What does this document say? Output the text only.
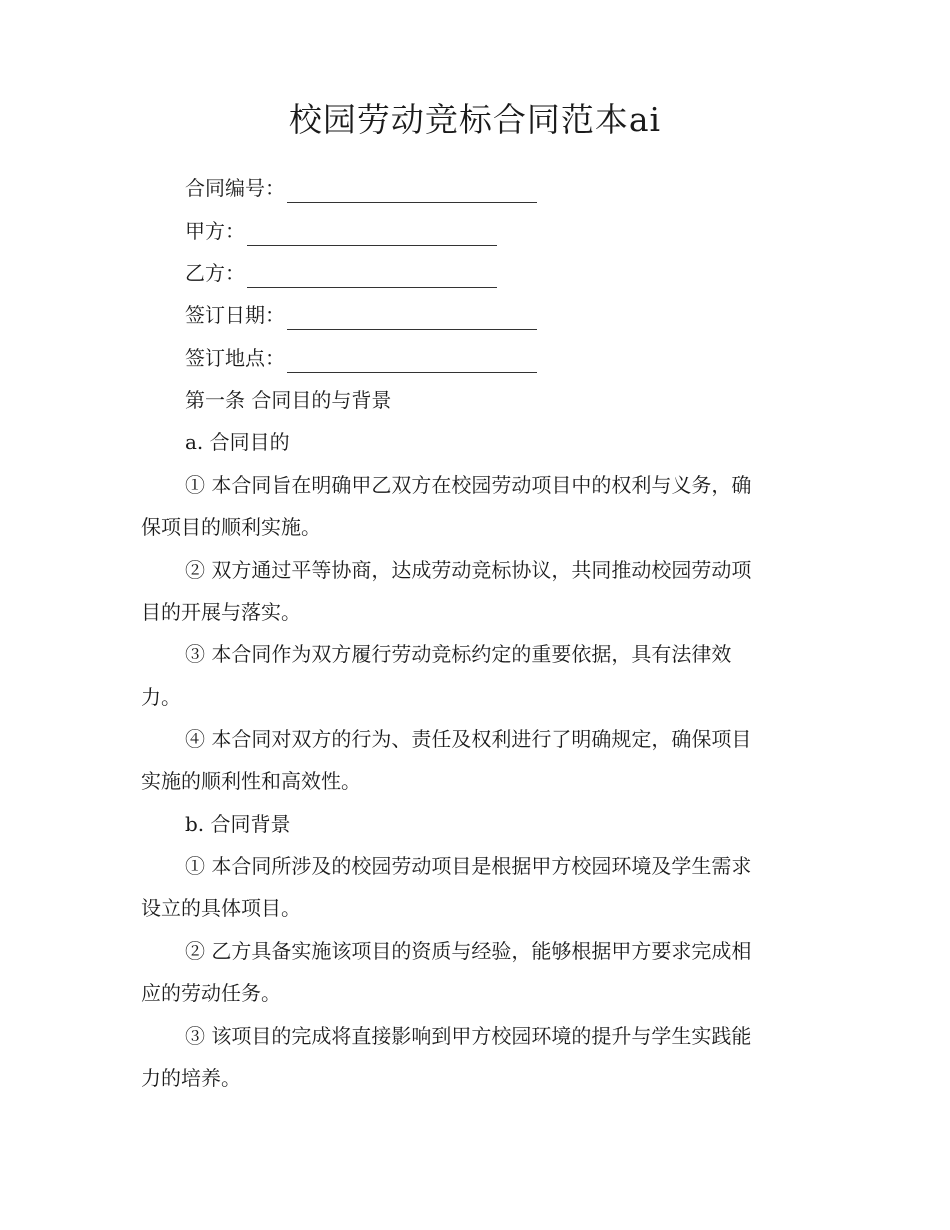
校园劳动竞标合同范本ai
合同编号：
甲方：
乙方：
签订日期：
签订地点：
第一条 合同目的与背景
a. 合同目的
① 本合同旨在明确甲乙双方在校园劳动项目中的权利与义务，确
保项目的顺利实施。
② 双方通过平等协商，达成劳动竞标协议，共同推动校园劳动项
目的开展与落实。
③ 本合同作为双方履行劳动竞标约定的重要依据，具有法律效
力。
④ 本合同对双方的行为、责任及权利进行了明确规定，确保项目
实施的顺利性和高效性。
b. 合同背景
① 本合同所涉及的校园劳动项目是根据甲方校园环境及学生需求
设立的具体项目。
② 乙方具备实施该项目的资质与经验，能够根据甲方要求完成相
应的劳动任务。
③ 该项目的完成将直接影响到甲方校园环境的提升与学生实践能
力的培养。
